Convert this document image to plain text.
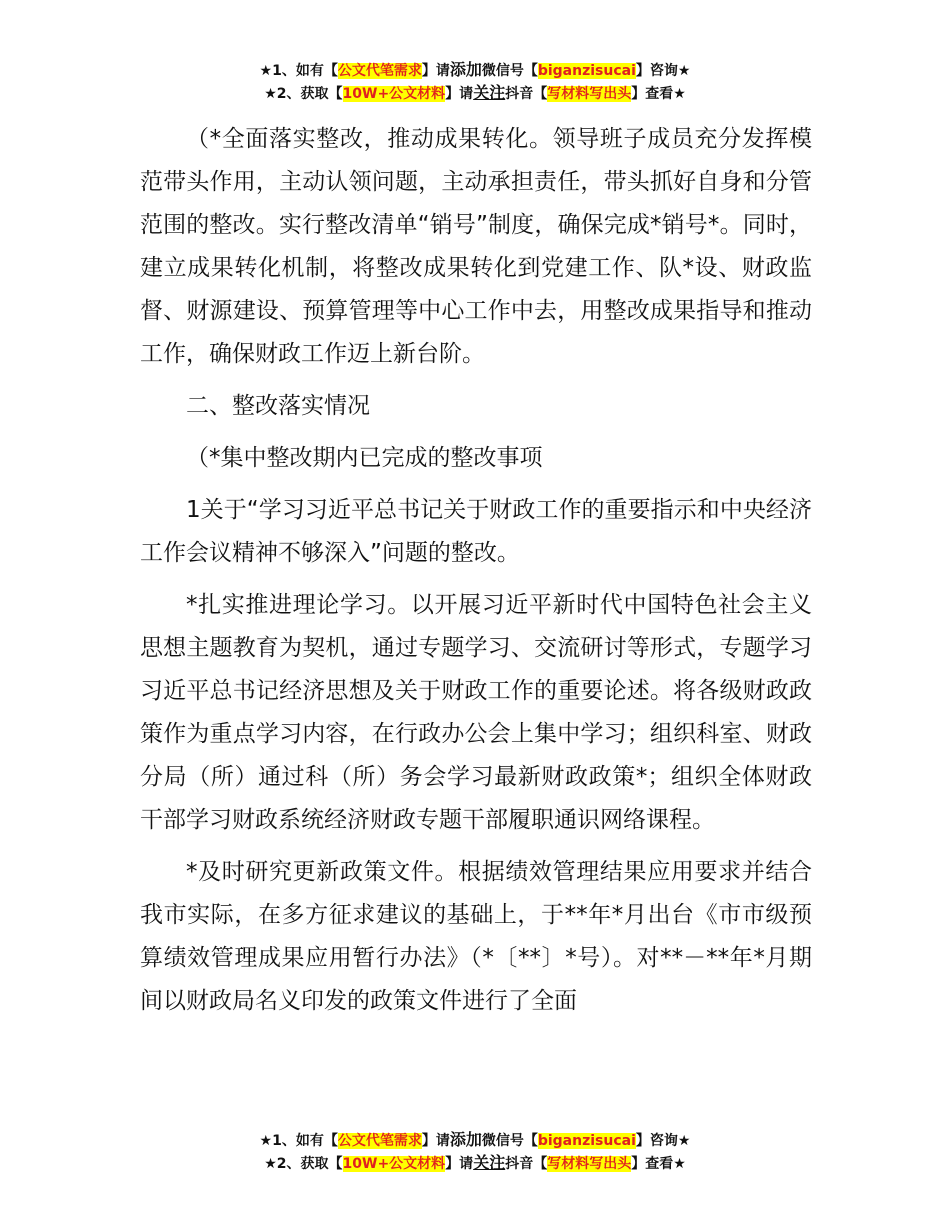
★1、如有【公文代笔需求】请添加微信号【biganzisucai】咨询★
★2、获取【10W+公文材料】请关注抖音【写材料写出头】查看★

（*全面落实整改，推动成果转化。领导班子成员充分发挥模范带头作用，主动认领问题，主动承担责任，带头抓好自身和分管范围的整改。实行整改清单“销号”制度，确保完成*销号*。同时，建立成果转化机制，将整改成果转化到党建工作、队*设、财政监督、财源建设、预算管理等中心工作中去，用整改成果指导和推动工作，确保财政工作迈上新台阶。

二、整改落实情况

（*集中整改期内已完成的整改事项

1关于“学习习近平总书记关于财政工作的重要指示和中央经济工作会议精神不够深入”问题的整改。

*扎实推进理论学习。以开展习近平新时代中国特色社会主义思想主题教育为契机，通过专题学习、交流研讨等形式，专题学习习近平总书记经济思想及关于财政工作的重要论述。将各级财政政策作为重点学习内容，在行政办公会上集中学习；组织科室、财政分局（所）通过科（所）务会学习最新财政政策*；组织全体财政干部学习财政系统经济财政专题干部履职通识网络课程。

*及时研究更新政策文件。根据绩效管理结果应用要求并结合我市实际，在多方征求建议的基础上，于**年*月出台《市市级预算绩效管理成果应用暂行办法》（*〔**〕*号）。对**－**年*月期间以财政局名义印发的政策文件进行了全面

★1、如有【公文代笔需求】请添加微信号【biganzisucai】咨询★
★2、获取【10W+公文材料】请关注抖音【写材料写出头】查看★
